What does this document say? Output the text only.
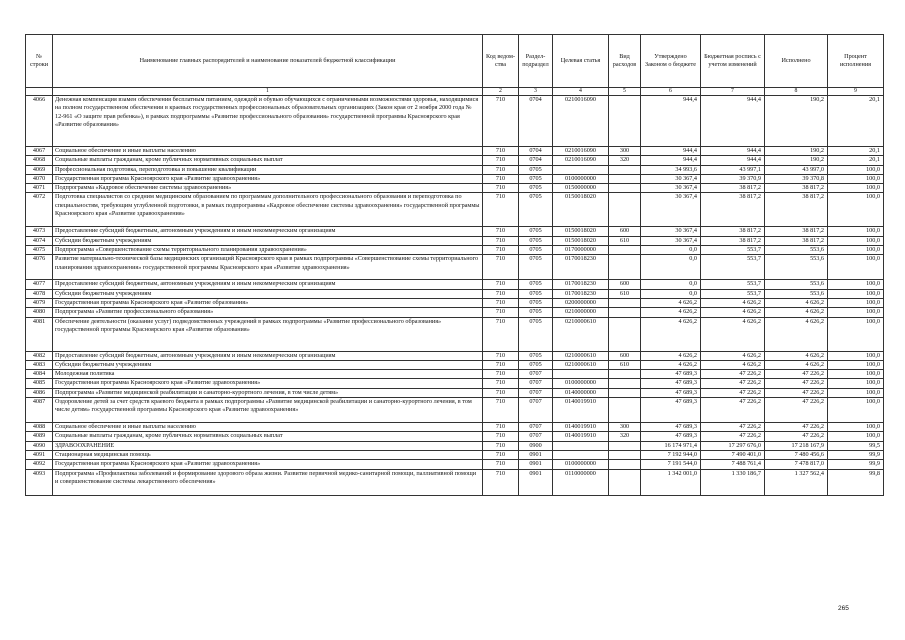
№ строки	Наименование главных распорядителей и наименование показателей бюджетной классификации	Код ведом-ства	Раздел-подраздел	Целевая статья	Вид расходов	Утверждено Законом о бюджете	Бюджетная роспись с учетом изменений	Исполнено	Процент исполнения
	1	2	3	4	5	6	7	8	9
4066	Денежная компенсация взамен обеспечения бесплатным питанием, одеждой и обувью обучающихся с ограниченными возможностями здоровья, находящимися на полном государственном обеспечении в краевых государственных профессиональных образовательных организациях (Закон края от 2 ноября 2000 года № 12-961 «О защите прав ребенка»), в рамках подпрограммы «Развитие профессионального образования» государственной программы Красноярского края «Развитие образования»	710	0704	0210016090		944,4	944,4	190,2	20,1
4067	Социальное обеспечение и иные выплаты населению	710	0704	0210016090	300	944,4	944,4	190,2	20,1
4068	Социальные выплаты гражданам, кроме публичных нормативных социальных выплат	710	0704	0210016090	320	944,4	944,4	190,2	20,1
4069	Профессиональная подготовка, переподготовка и повышение квалификации	710	0705			34 993,6	43 997,1	43 997,0	100,0
4070	Государственная программа Красноярского края «Развитие здравоохранения»	710	0705	0100000000		30 367,4	39 370,9	39 370,8	100,0
4071	Подпрограмма «Кадровое обеспечение системы здравоохранения»	710	0705	0150000000		30 367,4	38 817,2	38 817,2	100,0
4072	Подготовка специалистов со средним медицинским образованием по программам дополнительного профессионального образования и переподготовка по специальностям, требующим углубленной подготовки, в рамках подпрограммы «Кадровое обеспечение системы здравоохранения» государственной программы Красноярского края «Развитие здравоохранения»	710	0705	0150018020		30 367,4	38 817,2	38 817,2	100,0
4073	Предоставление субсидий бюджетным, автономным учреждениям и иным некоммерческим организациям	710	0705	0150018020	600	30 367,4	38 817,2	38 817,2	100,0
4074	Субсидии бюджетным учреждениям	710	0705	0150018020	610	30 367,4	38 817,2	38 817,2	100,0
4075	Подпрограмма «Совершенствование схемы территориального планирования здравоохранения»	710	0705	0170000000		0,0	553,7	553,6	100,0
4076	Развитие материально-технической базы медицинских организаций Красноярского края в рамках подпрограммы «Совершенствование схемы территориального планирования здравоохранения» государственной программы Красноярского края «Развитие здравоохранения»	710	0705	0170018230		0,0	553,7	553,6	100,0
4077	Предоставление субсидий бюджетным, автономным учреждениям и иным некоммерческим организациям	710	0705	0170018230	600	0,0	553,7	553,6	100,0
4078	Субсидии бюджетным учреждениям	710	0705	0170018230	610	0,0	553,7	553,6	100,0
4079	Государственная программа Красноярского края «Развитие образования»	710	0705	0200000000		4 626,2	4 626,2	4 626,2	100,0
4080	Подпрограмма «Развитие профессионального образования»	710	0705	0210000000		4 626,2	4 626,2	4 626,2	100,0
4081	Обеспечение деятельности (оказание услуг) подведомственных учреждений в рамках подпрограммы «Развитие профессионального образования» государственной программы Красноярского края «Развитие образования»	710	0705	0210000610		4 626,2	4 626,2	4 626,2	100,0
4082	Предоставление субсидий бюджетным, автономным учреждениям и иным некоммерческим организациям	710	0705	0210000610	600	4 626,2	4 626,2	4 626,2	100,0
4083	Субсидии бюджетным учреждениям	710	0705	0210000610	610	4 626,2	4 626,2	4 626,2	100,0
4084	Молодежная политика	710	0707			47 689,3	47 226,2	47 226,2	100,0
4085	Государственная программа Красноярского края «Развитие здравоохранения»	710	0707	0100000000		47 689,3	47 226,2	47 226,2	100,0
4086	Подпрограмма «Развитие медицинской реабилитации и санаторно-курортного лечения, в том числе детям»	710	0707	0140000000		47 689,3	47 226,2	47 226,2	100,0
4087	Оздоровление детей за счет средств краевого бюджета в рамках подпрограммы «Развитие медицинской реабилитации и санаторно-курортного лечения, в том числе детям» государственной программы Красноярского края «Развитие здравоохранения»	710	0707	0140019910		47 689,3	47 226,2	47 226,2	100,0
4088	Социальное обеспечение и иные выплаты населению	710	0707	0140019910	300	47 689,3	47 226,2	47 226,2	100,0
4089	Социальные выплаты гражданам, кроме публичных нормативных социальных выплат	710	0707	0140019910	320	47 689,3	47 226,2	47 226,2	100,0
4090	ЗДРАВООХРАНЕНИЕ	710	0900			16 174 971,4	17 297 676,0	17 218 167,9	99,5
4091	Стационарная медицинская помощь	710	0901			7 192 944,0	7 490 401,0	7 480 456,6	99,9
4092	Государственная программа Красноярского края «Развитие здравоохранения»	710	0901	0100000000		7 191 544,0	7 488 761,4	7 478 817,0	99,9
4093	Подпрограмма «Профилактика заболеваний и формирование здорового образа жизни. Развитие первичной медико-санитарной помощи, паллиативной помощи и совершенствование системы лекарственного обеспечения»	710	0901	0110000000		1 342 001,0	1 330 186,7	1 327 562,4	99,8
265
